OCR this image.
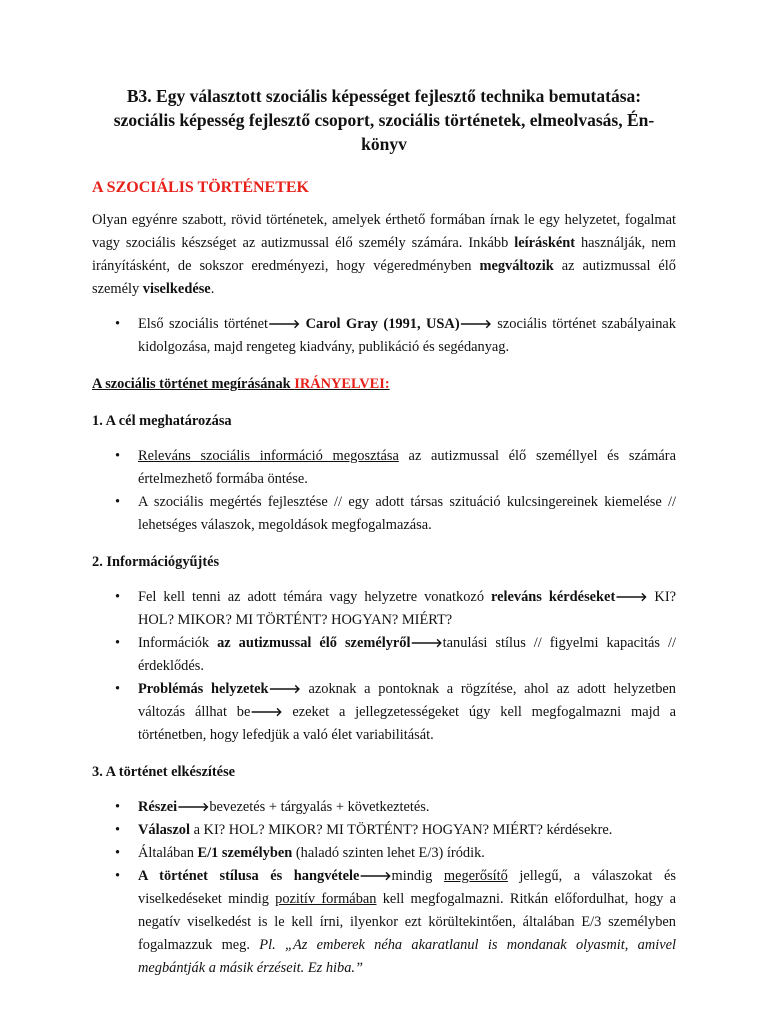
B3. Egy választott szociális képességet fejlesztő technika bemutatása:
szociális képesség fejlesztő csoport, szociális történetek, elmeolvasás, Én-
könyv
A SZOCIÁLIS TÖRTÉNETEK

Olyan egyénre szabott, rövid történetek, amelyek érthető formában írnak le egy helyzetet, fogalmat vagy szociális készséget az autizmussal élő személy számára. Inkább leírásként használják, nem irányításként, de sokszor eredményezi, hogy végeredményben megváltozik az autizmussal élő személy viselkedése.

• Első szociális történet🡒 Carol Gray (1991, USA)🡒 szociális történet szabályainak kidolgozása, majd rengeteg kiadvány, publikáció és segédanyag.
A szociális történet megírásának IRÁNYELVEI:
1. A cél meghatározása
• Releváns szociális információ megosztása az autizmussal élő személlyel és számára értelmezhető formába öntése.
• A szociális megértés fejlesztése // egy adott társas szituáció kulcsingereinek kiemelése // lehetséges válaszok, megoldások megfogalmazása.
2. Információgyűjtés
• Fel kell tenni az adott témára vagy helyzetre vonatkozó releváns kérdéseket🡒 KI? HOL? MIKOR? MI TÖRTÉNT? HOGYAN? MIÉRT?
• Információk az autizmussal élő személyről🡒tanulási stílus // figyelmi kapacitás //érdeklődés.
• Problémás helyzetek🡒 azoknak a pontoknak a rögzítése, ahol az adott helyzetben változás állhat be🡒 ezeket a jellegzetességeket úgy kell megfogalmazni majd a történetben, hogy lefedjük a való élet variabilitását.
3. A történet elkészítése
• Részei🡒bevezetés + tárgyalás + következtetés.
• Válaszol a KI? HOL? MIKOR? MI TÖRTÉNT? HOGYAN? MIÉRT? kérdésekre.
• Általában E/1 személyben (haladó szinten lehet E/3) íródik.
• A történet stílusa és hangvétele🡒mindig megerősítő jellegű, a válaszokat és viselkedéseket mindig pozitív formában kell megfogalmazni. Ritkán előfordulhat, hogy a negatív viselkedést is le kell írni, ilyenkor ezt körültekintően, általában E/3 személyben fogalmazzuk meg. Pl. „Az emberek néha akaratlanul is mondanak olyasmit, amivel megbántják a másik érzéseit. Ez hiba.”
